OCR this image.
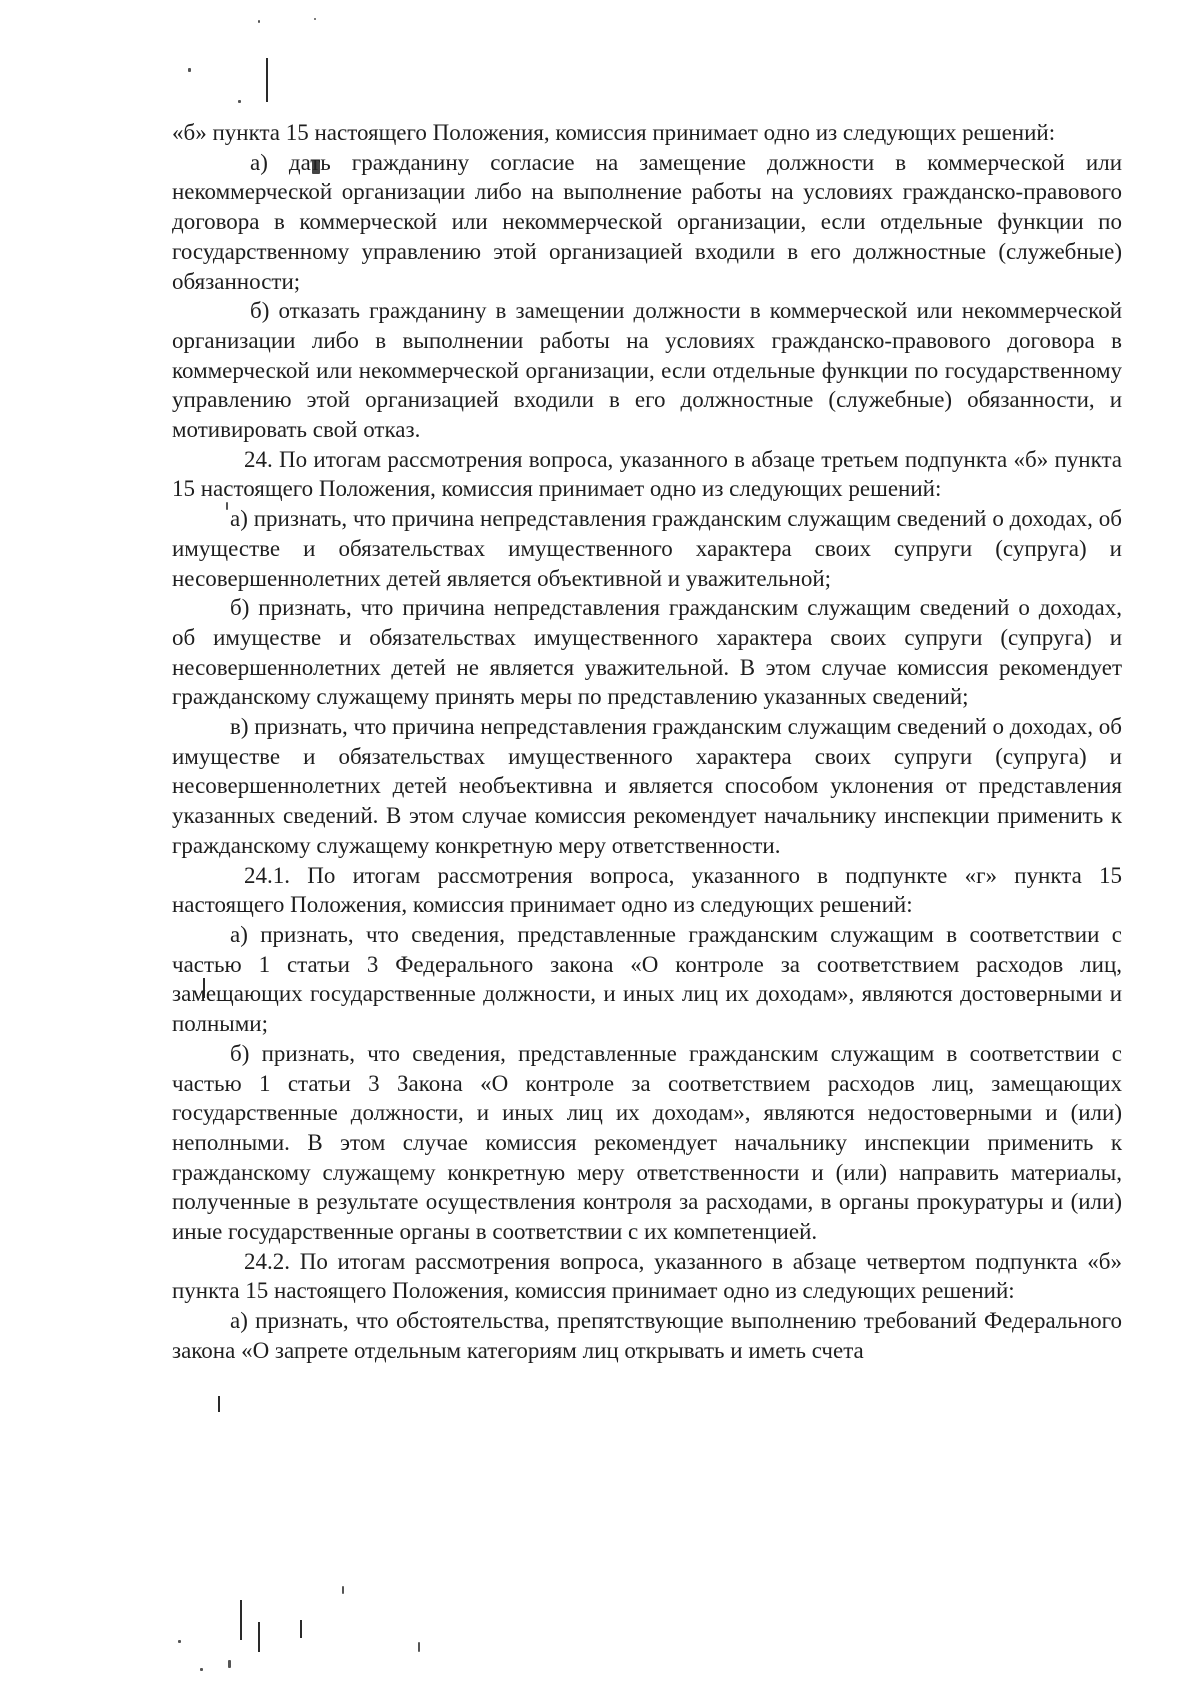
«б» пункта 15 настоящего Положения, комиссия принимает одно из следующих решений:

а) дать гражданину согласие на замещение должности в коммерческой или некоммерческой организации либо на выполнение работы на условиях гражданско-правового договора в коммерческой или некоммерческой организации, если отдельные функции по государственному управлению этой организацией входили в его должностные (служебные) обязанности;

б) отказать гражданину в замещении должности в коммерческой или некоммерческой организации либо в выполнении работы на условиях гражданско-правового договора в коммерческой или некоммерческой организации, если отдельные функции по государственному управлению этой организацией входили в его должностные (служебные) обязанности, и мотивировать свой отказ.

24. По итогам рассмотрения вопроса, указанного в абзаце третьем подпункта «б» пункта 15 настоящего Положения, комиссия принимает одно из следующих решений:

а) признать, что причина непредставления гражданским служащим сведений о доходах, об имуществе и обязательствах имущественного характера своих супруги (супруга) и несовершеннолетних детей является объективной и уважительной;

б) признать, что причина непредставления гражданским служащим сведений о доходах, об имуществе и обязательствах имущественного характера своих супруги (супруга) и несовершеннолетних детей не является уважительной. В этом случае комиссия рекомендует гражданскому служащему принять меры по представлению указанных сведений;

в) признать, что причина непредставления гражданским служащим сведений о доходах, об имуществе и обязательствах имущественного характера своих супруги (супруга) и несовершеннолетних детей необъективна и является способом уклонения от представления указанных сведений. В этом случае комиссия рекомендует начальнику инспекции применить к гражданскому служащему конкретную меру ответственности.

24.1. По итогам рассмотрения вопроса, указанного в подпункте «г» пункта 15 настоящего Положения, комиссия принимает одно из следующих решений:

а) признать, что сведения, представленные гражданским служащим в соответствии с частью 1 статьи 3 Федерального закона «О контроле за соответствием расходов лиц, замещающих государственные должности, и иных лиц их доходам», являются достоверными и полными;

б) признать, что сведения, представленные гражданским служащим в соответствии с частью 1 статьи 3 Закона «О контроле за соответствием расходов лиц, замещающих государственные должности, и иных лиц их доходам», являются недостоверными и (или) неполными. В этом случае комиссия рекомендует начальнику инспекции применить к гражданскому служащему конкретную меру ответственности и (или) направить материалы, полученные в результате осуществления контроля за расходами, в органы прокуратуры и (или) иные государственные органы в соответствии с их компетенцией.

24.2. По итогам рассмотрения вопроса, указанного в абзаце четвертом подпункта «б» пункта 15 настоящего Положения, комиссия принимает одно из следующих решений:

а) признать, что обстоятельства, препятствующие выполнению требований Федерального закона «О запрете отдельным категориям лиц открывать и иметь счета
